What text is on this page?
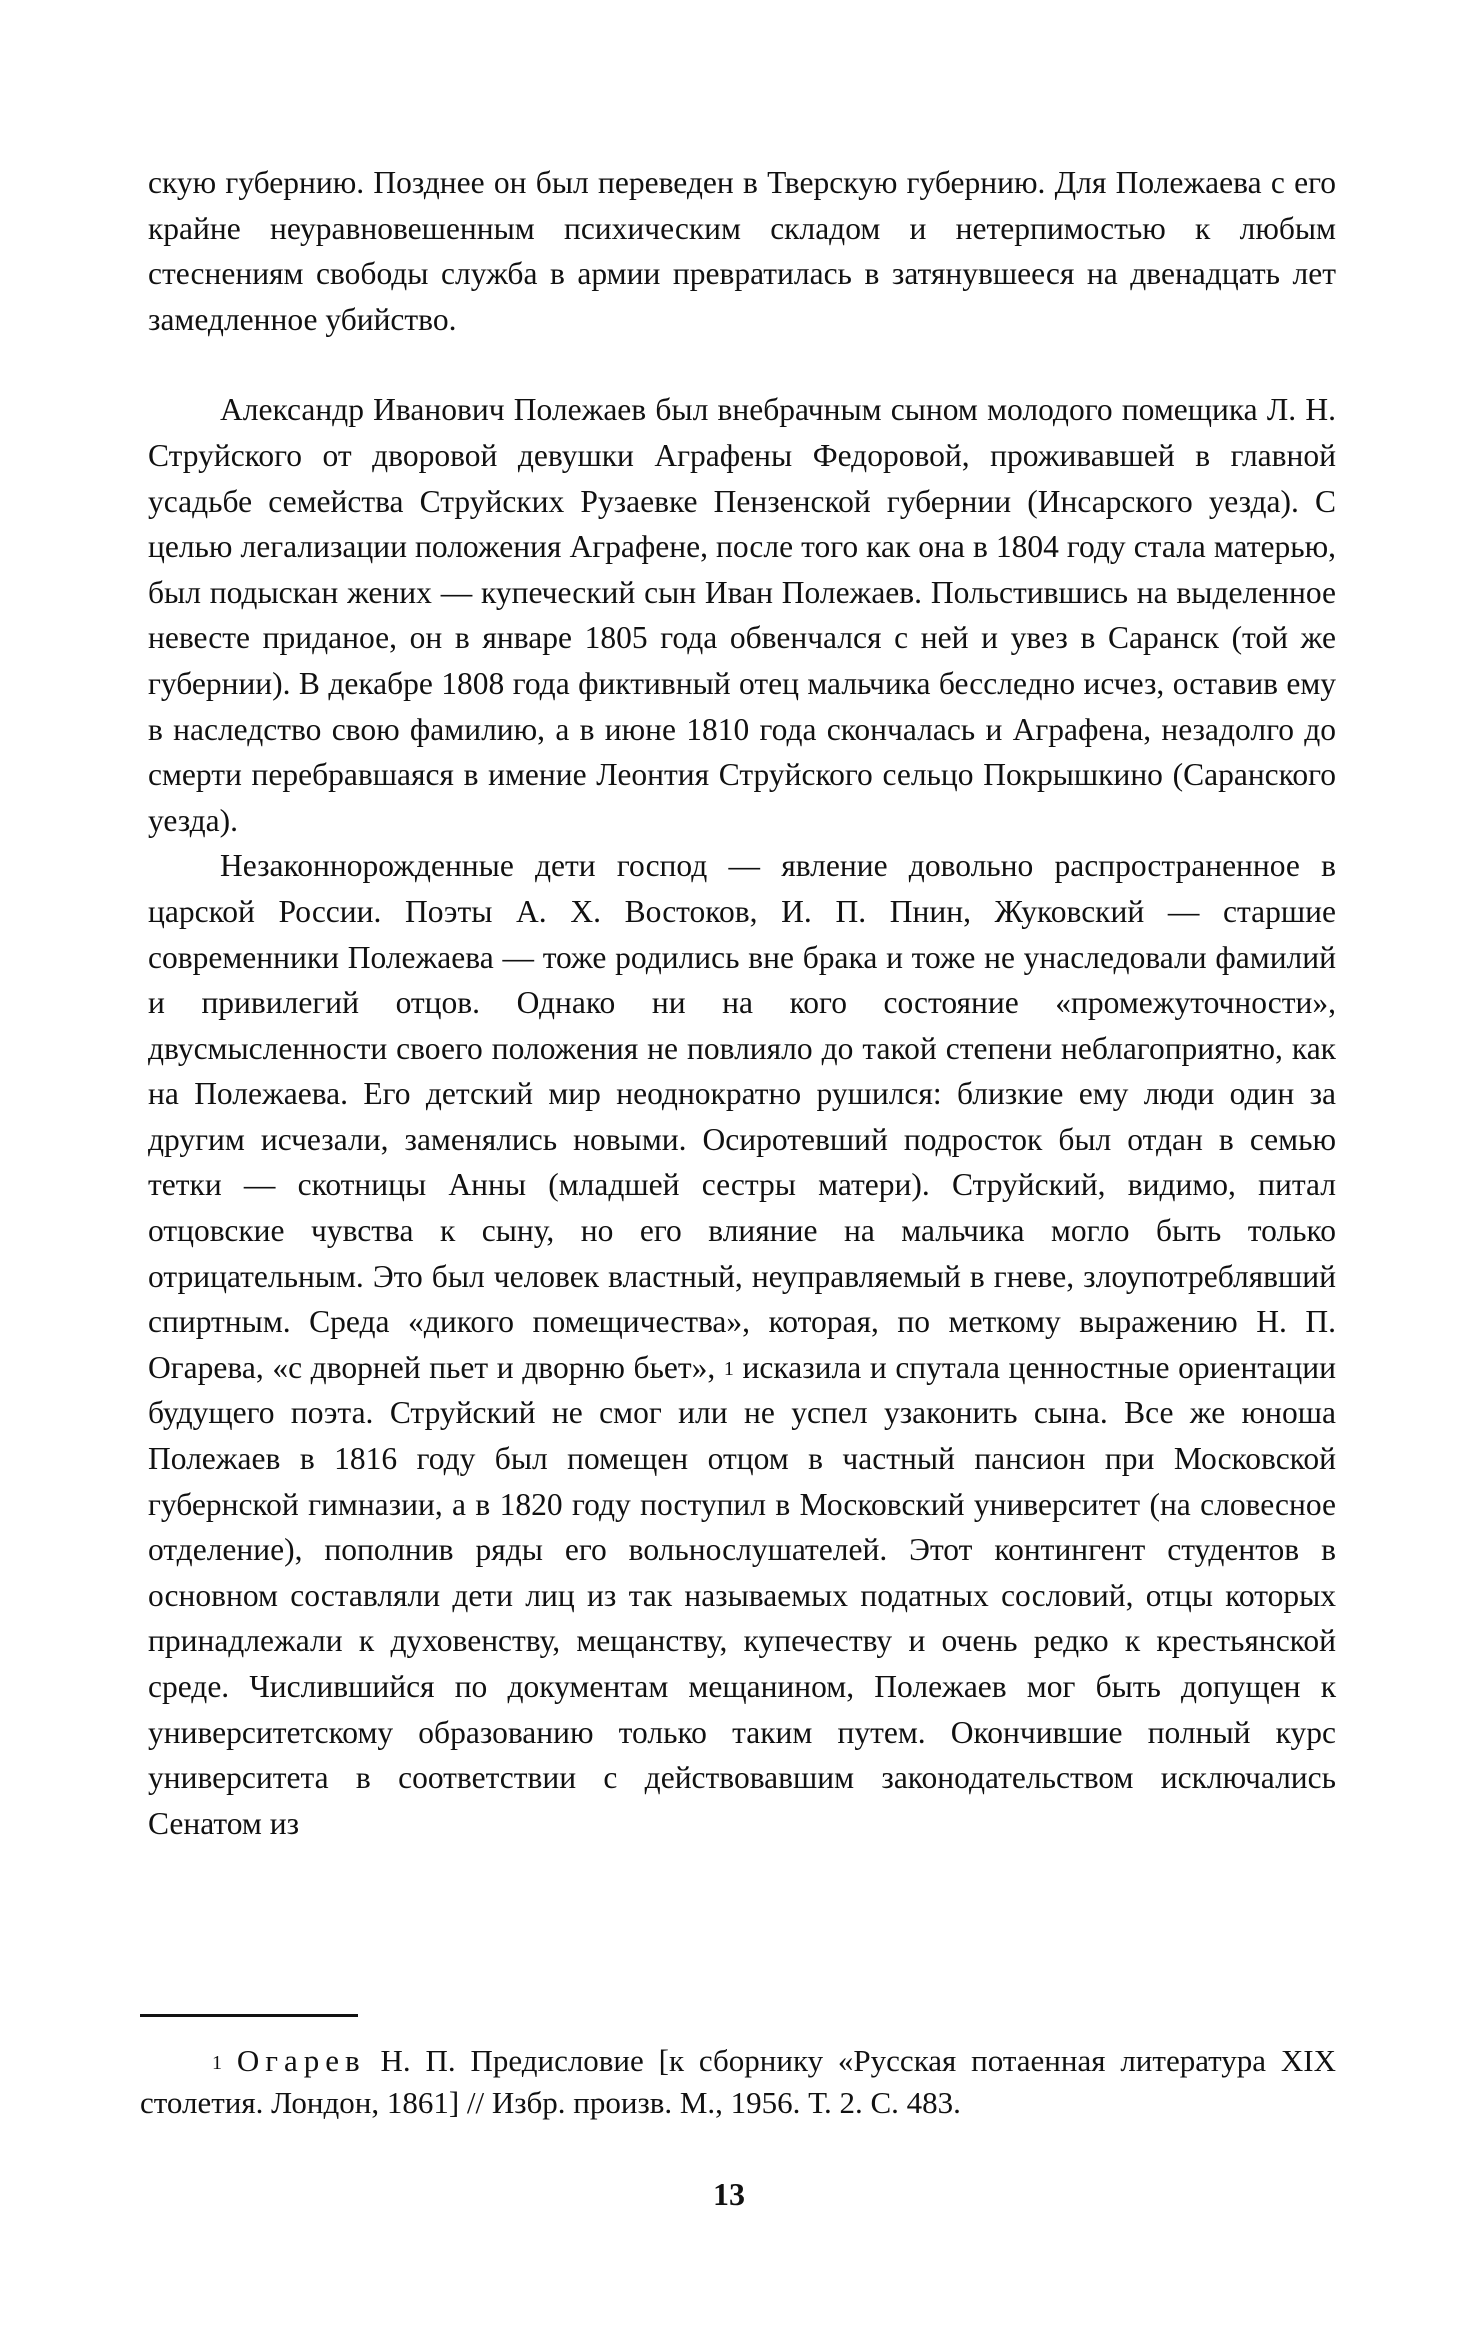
скую губернию. Позднее он был переведен в Тверскую губернию. Для Полежаева с его крайне неуравновешенным психическим складом и нетерпимостью к любым стеснениям свободы служба в армии превратилась в затянувшееся на двенадцать лет замедленное убийство.

Александр Иванович Полежаев был внебрачным сыном молодого помещика Л. Н. Струйского от дворовой девушки Аграфены Федоровой, проживавшей в главной усадьбе семейства Струйских Рузаевке Пензенской губернии (Инсарского уезда). С целью легализации положения Аграфене, после того как она в 1804 году стала матерью, был подыскан жених — купеческий сын Иван Полежаев. Польстившись на выделенное невесте приданое, он в январе 1805 года обвенчался с ней и увез в Саранск (той же губернии). В декабре 1808 года фиктивный отец мальчика бесследно исчез, оставив ему в наследство свою фамилию, а в июне 1810 года скончалась и Аграфена, незадолго до смерти перебравшаяся в имение Леонтия Струйского сельцо Покрышкино (Саранского уезда).

Незаконнорожденные дети господ — явление довольно распространенное в царской России. Поэты А. Х. Востоков, И. П. Пнин, Жуковский — старшие современники Полежаева — тоже родились вне брака и тоже не унаследовали фамилий и привилегий отцов. Однако ни на кого состояние «промежуточности», двусмысленности своего положения не повлияло до такой степени неблагоприятно, как на Полежаева. Его детский мир неоднократно рушился: близкие ему люди один за другим исчезали, заменялись новыми. Осиротевший подросток был отдан в семью тетки — скотницы Анны (младшей сестры матери). Струйский, видимо, питал отцовские чувства к сыну, но его влияние на мальчика могло быть только отрицательным. Это был человек властный, неуправляемый в гневе, злоупотреблявший спиртным. Среда «дикого помещичества», которая, по меткому выражению Н. П. Огарева, «с дворней пьет и дворню бьет», $^1$ исказила и спутала ценностные ориентации будущего поэта. Струйский не смог или не успел узаконить сына. Все же юноша Полежаев в 1816 году был помещен отцом в частный пансион при Московской губернской гимназии, а в 1820 году поступил в Московский университет (на словесное отделение), пополнив ряды его вольнослушателей. Этот контингент студентов в основном составляли дети лиц из так называемых податных сословий, отцы которых принадлежали к духовенству, мещанству, купечеству и очень редко к крестьянской среде. Числившийся по документам мещанином, Полежаев мог быть допущен к университетскому образованию только таким путем. Окончившие полный курс университета в соответствии с действовавшим законодательством исключались Сенатом из

$^1$ Огарев Н. П. Предисловие [к сборнику «Русская потаенная литература XIX столетия. Лондон, 1861] // Избр. произв. М., 1956. Т. 2. С. 483.

13
